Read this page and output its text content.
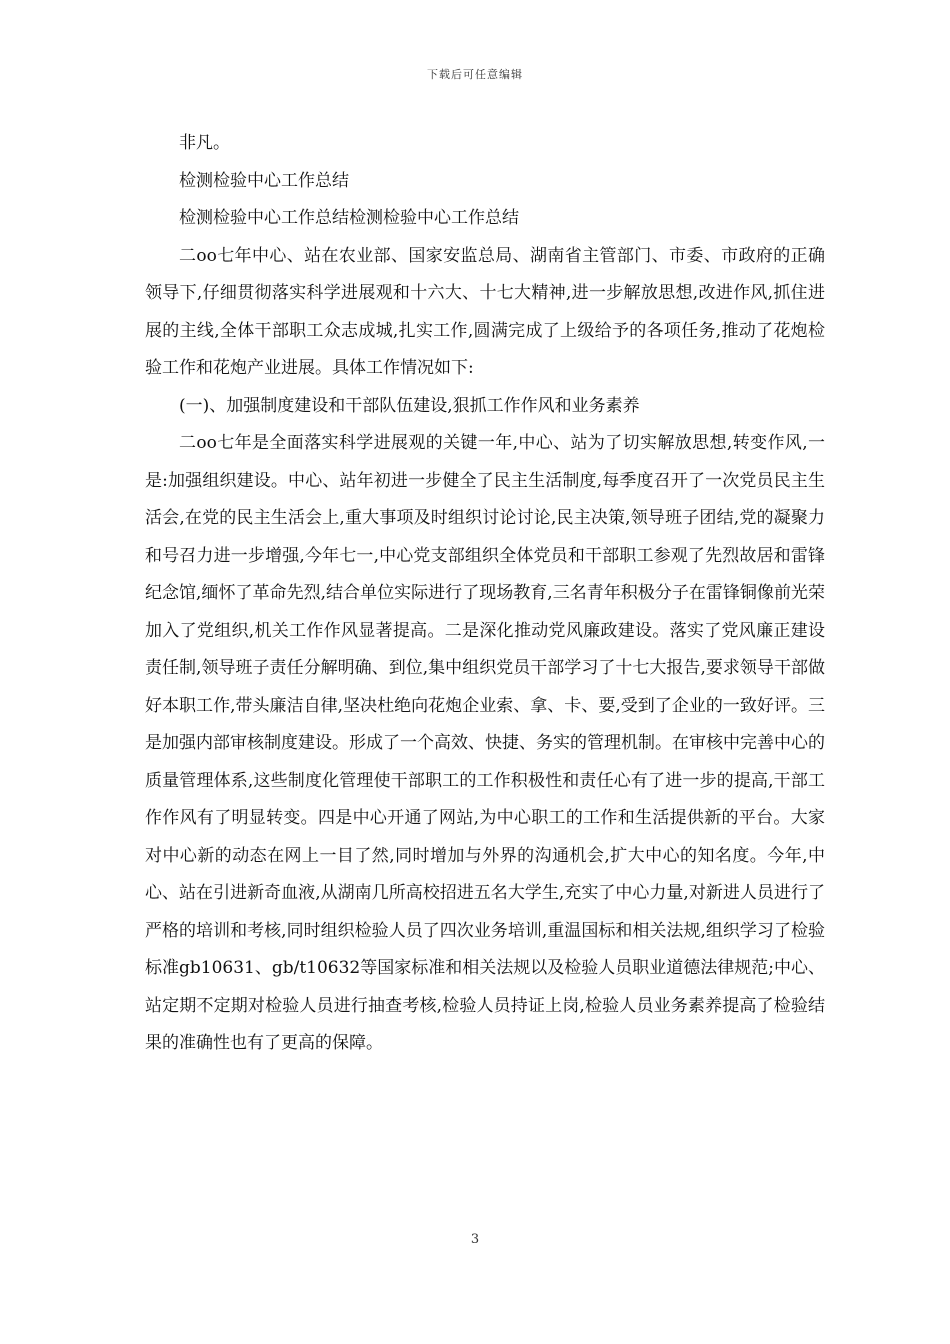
下载后可任意编辑

非凡。

检测检验中心工作总结

检测检验中心工作总结检测检验中心工作总结

二oo七年中心、站在农业部、国家安监总局、湖南省主管部门、市委、市政府的正确领导下,仔细贯彻落实科学进展观和十六大、十七大精神,进一步解放思想,改进作风,抓住进展的主线,全体干部职工众志成城,扎实工作,圆满完成了上级给予的各项任务,推动了花炮检验工作和花炮产业进展。具体工作情况如下:

(一)、加强制度建设和干部队伍建设,狠抓工作作风和业务素养

二oo七年是全面落实科学进展观的关键一年,中心、站为了切实解放思想,转变作风,一是:加强组织建设。中心、站年初进一步健全了民主生活制度,每季度召开了一次党员民主生活会,在党的民主生活会上,重大事项及时组织讨论讨论,民主决策,领导班子团结,党的凝聚力和号召力进一步增强,今年七一,中心党支部组织全体党员和干部职工参观了先烈故居和雷锋纪念馆,缅怀了革命先烈,结合单位实际进行了现场教育,三名青年积极分子在雷锋铜像前光荣加入了党组织,机关工作作风显著提高。二是深化推动党风廉政建设。落实了党风廉正建设责任制,领导班子责任分解明确、到位,集中组织党员干部学习了十七大报告,要求领导干部做好本职工作,带头廉洁自律,坚决杜绝向花炮企业索、拿、卡、要,受到了企业的一致好评。三是加强内部审核制度建设。形成了一个高效、快捷、务实的管理机制。在审核中完善中心的质量管理体系,这些制度化管理使干部职工的工作积极性和责任心有了进一步的提高,干部工作作风有了明显转变。四是中心开通了网站,为中心职工的工作和生活提供新的平台。大家对中心新的动态在网上一目了然,同时增加与外界的沟通机会,扩大中心的知名度。今年,中心、站在引进新奇血液,从湖南几所高校招进五名大学生,充实了中心力量,对新进人员进行了严格的培训和考核,同时组织检验人员了四次业务培训,重温国标和相关法规,组织学习了检验标准gb10631、gb/t10632等国家标准和相关法规以及检验人员职业道德法律规范;中心、站定期不定期对检验人员进行抽查考核,检验人员持证上岗,检验人员业务素养提高了检验结果的准确性也有了更高的保障。

3
